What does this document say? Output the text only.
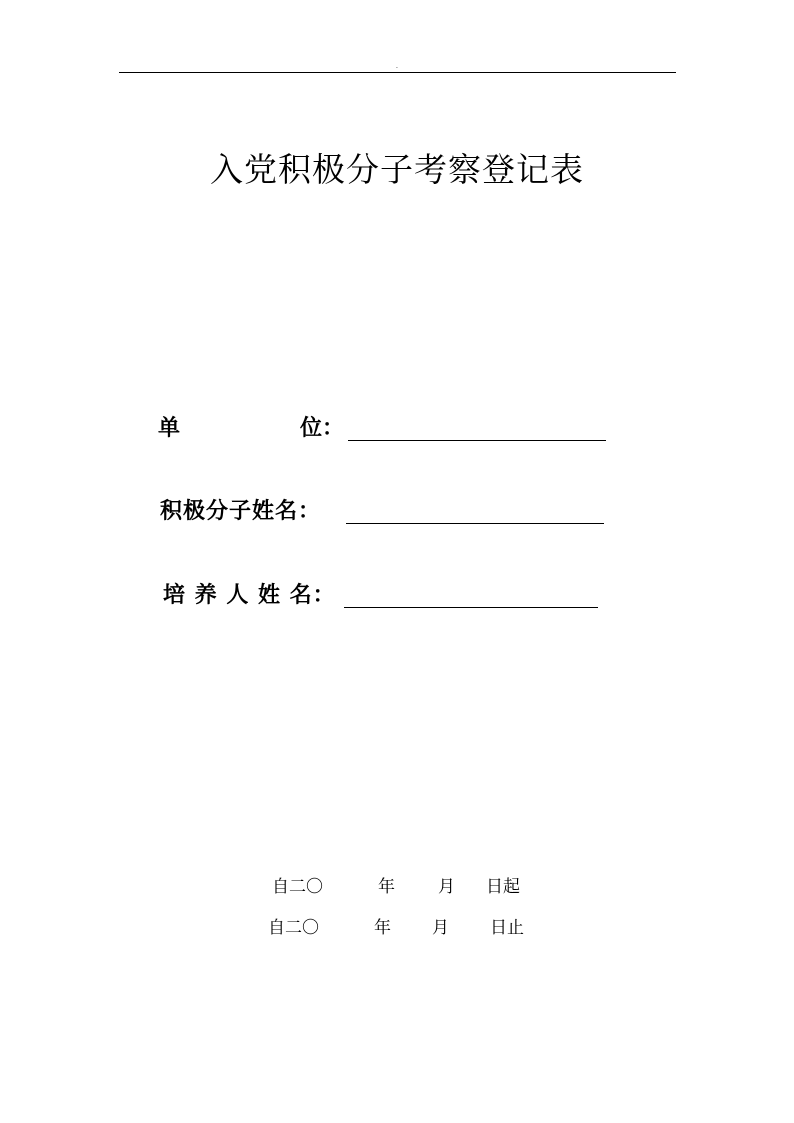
.
入党积极分子考察登记表
单	位：
积极分子姓名：
培 养 人 姓 名：
自二〇	年	月 日起
自二〇	年 月 日止
